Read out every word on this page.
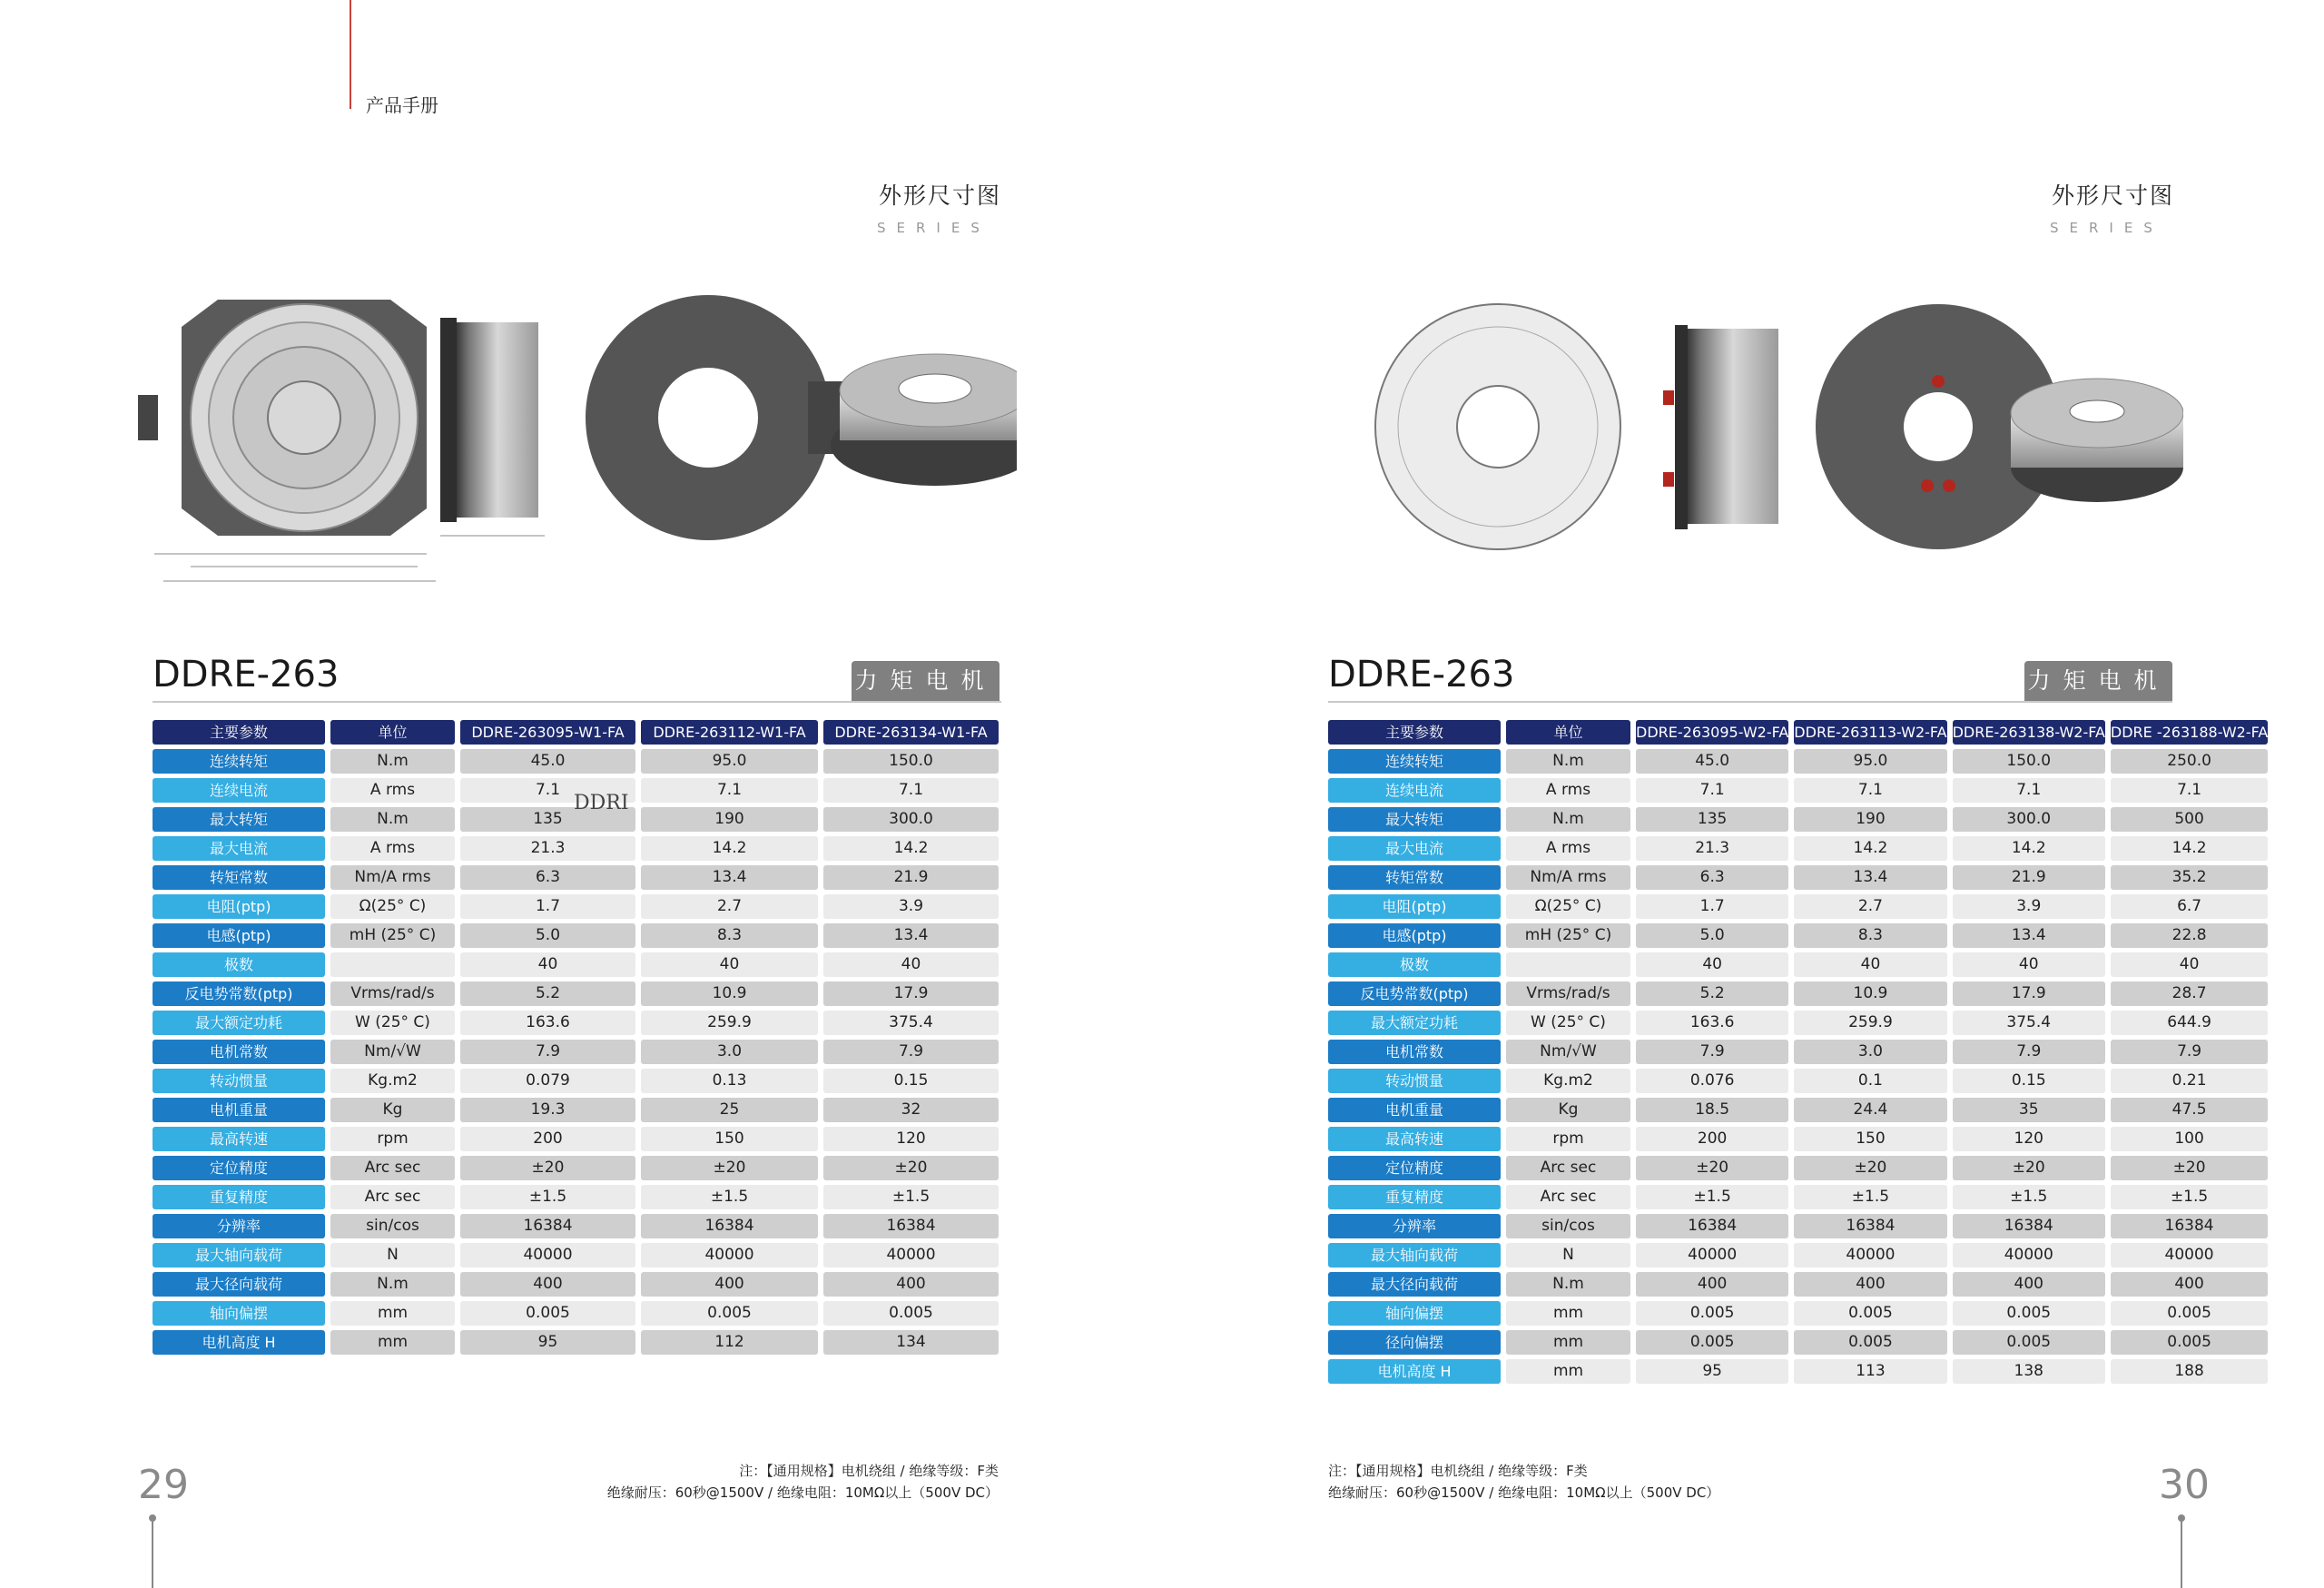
产品手册
外形尺寸图
SERIES
DDRE-263	力矩电机
主要参数	单位	DDRE-263095-W1-FA	DDRE-263112-W1-FA	DDRE-263134-W1-FA
连续转矩	N.m	45.0	95.0	150.0
连续电流	A rms	7.1	7.1	7.1
最大转矩	N.m	135	190	300.0
最大电流	A rms	21.3	14.2	14.2
转矩常数	Nm/A rms	6.3	13.4	21.9
电阻(ptp)	Ω(25° C)	1.7	2.7	3.9
电感(ptp)	mH (25° C)	5.0	8.3	13.4
极数		40	40	40
反电势常数(ptp)	Vrms/rad/s	5.2	10.9	17.9
最大额定功耗	W (25° C)	163.6	259.9	375.4
电机常数	Nm/√W	7.9	3.0	7.9
转动惯量	Kg.m2	0.079	0.13	0.15
电机重量	Kg	19.3	25	32
最高转速	rpm	200	150	120
定位精度	Arc sec	±20	±20	±20
重复精度	Arc sec	±1.5	±1.5	±1.5
分辨率	sin/cos	16384	16384	16384
最大轴向载荷	N	40000	40000	40000
最大径向载荷	N.m	400	400	400
轴向偏摆	mm	0.005	0.005	0.005
电机高度 H	mm	95	112	134
DDRI
注：【通用规格】电机绕组 / 绝缘等级：F类
绝缘耐压：60秒@1500V / 绝缘电阻：10MΩ以上（500V DC）
29
外形尺寸图
SERIES
DDRE-263	力矩电机
主要参数	单位	DDRE-263095-W2-FA	DDRE-263113-W2-FA	DDRE-263138-W2-FA	DDRE -263188-W2-FA
连续转矩	N.m	45.0	95.0	150.0	250.0
连续电流	A rms	7.1	7.1	7.1	7.1
最大转矩	N.m	135	190	300.0	500
最大电流	A rms	21.3	14.2	14.2	14.2
转矩常数	Nm/A rms	6.3	13.4	21.9	35.2
电阻(ptp)	Ω(25° C)	1.7	2.7	3.9	6.7
电感(ptp)	mH (25° C)	5.0	8.3	13.4	22.8
极数		40	40	40	40
反电势常数(ptp)	Vrms/rad/s	5.2	10.9	17.9	28.7
最大额定功耗	W (25° C)	163.6	259.9	375.4	644.9
电机常数	Nm/√W	7.9	3.0	7.9	7.9
转动惯量	Kg.m2	0.076	0.1	0.15	0.21
电机重量	Kg	18.5	24.4	35	47.5
最高转速	rpm	200	150	120	100
定位精度	Arc sec	±20	±20	±20	±20
重复精度	Arc sec	±1.5	±1.5	±1.5	±1.5
分辨率	sin/cos	16384	16384	16384	16384
最大轴向载荷	N	40000	40000	40000	40000
最大径向载荷	N.m	400	400	400	400
轴向偏摆	mm	0.005	0.005	0.005	0.005
径向偏摆	mm	0.005	0.005	0.005	0.005
电机高度 H	mm	95	113	138	188
注：【通用规格】电机绕组 / 绝缘等级：F类
绝缘耐压：60秒@1500V / 绝缘电阻：10MΩ以上（500V DC）	30
